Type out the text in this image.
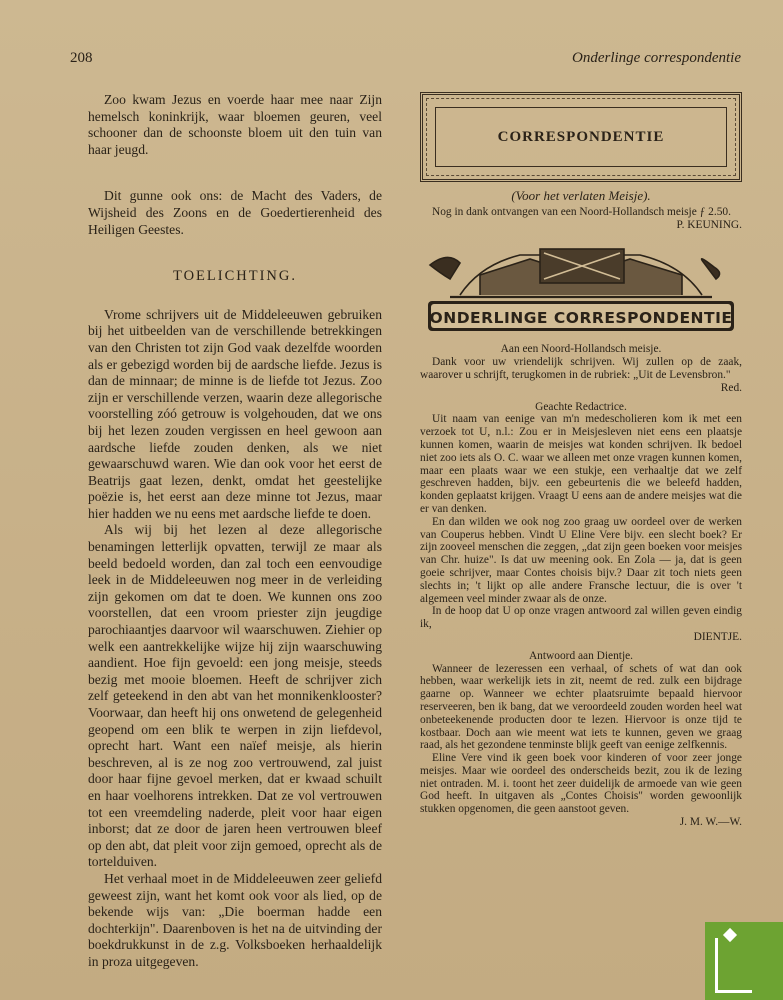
208	Onderlinge correspondentie

Zoo kwam Jezus en voerde haar mee naar Zijn hemelsch koninkrijk, waar bloemen geuren, veel schooner dan de schoonste bloem uit den tuin van haar jeugd.

Dit gunne ook ons: de Macht des Vaders, de Wijsheid des Zoons en de Goedertierenheid des Heiligen Geestes.

TOELICHTING.

Vrome schrijvers uit de Middeleeuwen gebruiken bij het uitbeelden van de verschillende betrekkingen van den Christen tot zijn God vaak dezelfde woorden als er gebezigd worden bij de aardsche liefde. Jezus is dan de minnaar; de minne is de liefde tot Jezus. Zoo zijn er verschillende verzen, waarin deze allegorische voorstelling zóó getrouw is volgehouden, dat we ons bij het lezen zouden vergissen en heel gewoon aan aardsche liefde zouden denken, als we niet gewaarschuwd waren. Wie dan ook voor het eerst de Beatrijs gaat lezen, denkt, omdat het geestelijke poëzie is, het eerst aan deze minne tot Jezus, maar hier hadden we nu eens met aardsche liefde te doen.

Als wij bij het lezen al deze allegorische benamingen letterlijk opvatten, terwijl ze maar als beeld bedoeld worden, dan zal toch een eenvoudige leek in de Middeleeuwen nog meer in de verleiding zijn gekomen om dat te doen. We kunnen ons zoo voorstellen, dat een vroom priester zijn jeugdige parochiaantjes daarvoor wil waarschuwen. Ziehier op welk een aantrekkelijke wijze hij zijn waarschuwing aandient. Hoe fijn gevoeld: een jong meisje, steeds bezig met mooie bloemen. Heeft de schrijver zich zelf geteekend in den abt van het monnikenklooster? Voorwaar, dan heeft hij ons onwetend de gelegenheid geopend om een blik te werpen in zijn liefdevol, oprecht hart. Want een naïef meisje, als hierin beschreven, al is ze nog zoo vertrouwend, zal juist door haar fijne gevoel merken, dat er kwaad schuilt en haar voelhorens intrekken. Dat ze vol vertrouwen tot een vreemdeling naderde, pleit voor haar eigen inborst; dat ze door de jaren heen vertrouwen bleef op den abt, dat pleit voor zijn gemoed, oprecht als de tortelduiven.

Het verhaal moet in de Middeleeuwen zeer geliefd geweest zijn, want het komt ook voor als lied, op de bekende wijs van: „Die boerman hadde een dochterkijn". Daarenboven is het na de uitvinding der boekdrukkunst in de z.g. Volksboeken herhaaldelijk in proza uitgegeven.

CORRESPONDENTIE
(Voor het verlaten Meisje).

Nog in dank ontvangen van een Noord-Hollandsch meisje ƒ 2.50.

P. KEUNING.

ONDERLINGE CORRESPONDENTIE
Aan een Noord-Hollandsch meisje.

Dank voor uw vriendelijk schrijven. Wij zullen op de zaak, waarover u schrijft, terugkomen in de rubriek: „Uit de Levensbron."

Red.

Geachte Redactrice.

Uit naam van eenige van m'n medescholieren kom ik met een verzoek tot U, n.l.: Zou er in Meisjesleven niet eens een plaatsje kunnen komen, waarin de meisjes wat konden schrijven. Ik bedoel niet zoo iets als O. C. waar we alleen met onze vragen kunnen komen, maar een plaats waar we een stukje, een verhaaltje dat we zelf geschreven hadden, bijv. een gebeurtenis die we beleefd hadden, konden geplaatst krijgen. Vraagt U eens aan de andere meisjes wat die er van denken.

En dan wilden we ook nog zoo graag uw oordeel over de werken van Couperus hebben. Vindt U Eline Vere bijv. een slecht boek? Er zijn zooveel menschen die zeggen, „dat zijn geen boeken voor meisjes van Chr. huize". Is dat uw meening ook. En Zola — ja, dat is geen goeie schrijver, maar Contes choisis bijv.? Daar zit toch niets geen slechts in; 't lijkt op alle andere Fransche lectuur, die is over 't algemeen veel minder zwaar als de onze.

In de hoop dat U op onze vragen antwoord zal willen geven eindig ik,

DIENTJE.

Antwoord aan Dientje.

Wanneer de lezeressen een verhaal, of schets of wat dan ook hebben, waar werkelijk iets in zit, neemt de red. zulk een bijdrage gaarne op. Wanneer we echter plaatsruimte bepaald hiervoor reserveeren, ben ik bang, dat we veroordeeld zouden worden heel wat onbeteekenende producten door te lezen. Hiervoor is onze tijd te kostbaar. Doch aan wie meent wat iets te kunnen, geven we graag raad, als het gezondene tenminste blijk geeft van eenige zelfkennis.

Eline Vere vind ik geen boek voor kinderen of voor zeer jonge meisjes. Maar wie oordeel des onderscheids bezit, zou ik de lezing niet ontraden. M. i. toont het zeer duidelijk de armoede van wie geen God heeft. In uitgaven als „Contes Choisis" worden gewoonlijk stukken opgenomen, die geen aanstoot geven.

J. M. W.—W.
